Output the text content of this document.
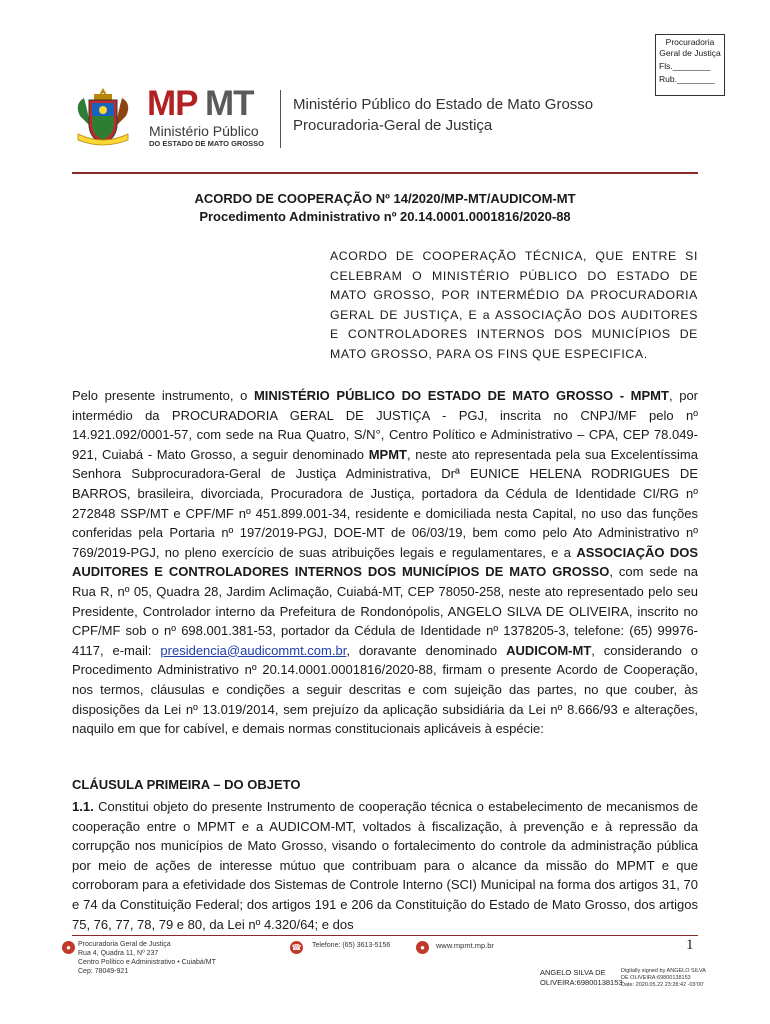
Procuradoria
Geral de Justiça
Fls.________
Rub.________
MP MT
Ministério Público
DO ESTADO DE MATO GROSSO
Ministério Público do Estado de Mato Grosso
Procuradoria-Geral de Justiça
ACORDO DE COOPERAÇÃO Nº 14/2020/MP-MT/AUDICOM-MT
Procedimento Administrativo nº 20.14.0001.0001816/2020-88
ACORDO DE COOPERAÇÃO TÉCNICA, QUE ENTRE SI CELEBRAM O MINISTÉRIO PÚBLICO DO ESTADO DE MATO GROSSO, POR INTERMÉDIO DA PROCURADORIA GERAL DE JUSTIÇA, E a ASSOCIAÇÃO DOS AUDITORES E CONTROLADORES INTERNOS DOS MUNICÍPIOS DE MATO GROSSO, PARA OS FINS QUE ESPECIFICA.
Pelo presente instrumento, o MINISTÉRIO PÚBLICO DO ESTADO DE MATO GROSSO - MPMT, por intermédio da PROCURADORIA GERAL DE JUSTIÇA - PGJ, inscrita no CNPJ/MF pelo nº 14.921.092/0001-57, com sede na Rua Quatro, S/N°, Centro Político e Administrativo – CPA, CEP 78.049-921, Cuiabá - Mato Grosso, a seguir denominado MPMT, neste ato representada pela sua Excelentíssima Senhora Subprocuradora-Geral de Justiça Administrativa, Drª EUNICE HELENA RODRIGUES DE BARROS, brasileira, divorciada, Procuradora de Justiça, portadora da Cédula de Identidade CI/RG nº 272848 SSP/MT e CPF/MF nº 451.899.001-34, residente e domiciliada nesta Capital, no uso das funções conferidas pela Portaria nº 197/2019-PGJ, DOE-MT de 06/03/19, bem como pelo Ato Administrativo nº 769/2019-PGJ, no pleno exercício de suas atribuições legais e regulamentares, e a ASSOCIAÇÃO DOS AUDITORES E CONTROLADORES INTERNOS DOS MUNICÍPIOS DE MATO GROSSO, com sede na Rua R, nº 05, Quadra 28, Jardim Aclimação, Cuiabá-MT, CEP 78050-258, neste ato representado pelo seu Presidente, Controlador interno da Prefeitura de Rondonópolis, ANGELO SILVA DE OLIVEIRA, inscrito no CPF/MF sob o nº 698.001.381-53, portador da Cédula de Identidade nº 1378205-3, telefone: (65) 99976-4117, e-mail: presidencia@audicommt.com.br, doravante denominado AUDICOM-MT, considerando o Procedimento Administrativo nº 20.14.0001.0001816/2020-88, firmam o presente Acordo de Cooperação, nos termos, cláusulas e condições a seguir descritas e com sujeição das partes, no que couber, às disposições da Lei nº 13.019/2014, sem prejuízo da aplicação subsidiária da Lei nº 8.666/93 e alterações, naquilo em que for cabível, e demais normas constitucionais aplicáveis à espécie:
CLÁUSULA PRIMEIRA – DO OBJETO
1.1. Constitui objeto do presente Instrumento de cooperação técnica o estabelecimento de mecanismos de cooperação entre o MPMT e a AUDICOM-MT, voltados à fiscalização, à prevenção e à repressão da corrupção nos municípios de Mato Grosso, visando o fortalecimento do controle da administração pública por meio de ações de interesse mútuo que contribuam para o alcance da missão do MPMT e que corroboram para a efetividade dos Sistemas de Controle Interno (SCI) Municipal na forma dos artigos 31, 70 e 74 da Constituição Federal; dos artigos 191 e 206 da Constituição do Estado de Mato Grosso, dos artigos 75, 76, 77, 78, 79 e 80, da Lei nº 4.320/64; e dos
●	Procuradoria Geral de Justiça
Rua 4, Quadra 11, Nº 237
Centro Político e Administrativo • Cuiabá/MT
Cep: 78049-921
☎ Telefone: (65) 3613-5156	●	www.mpmt.mp.br	1
ANGELO SILVA DE
OLIVEIRA:69800138153
Digitally signed by ANGELO SILVA
DE OLIVEIRA:69800138153
Date: 2020.05.22 23:28:42 -03'00'
